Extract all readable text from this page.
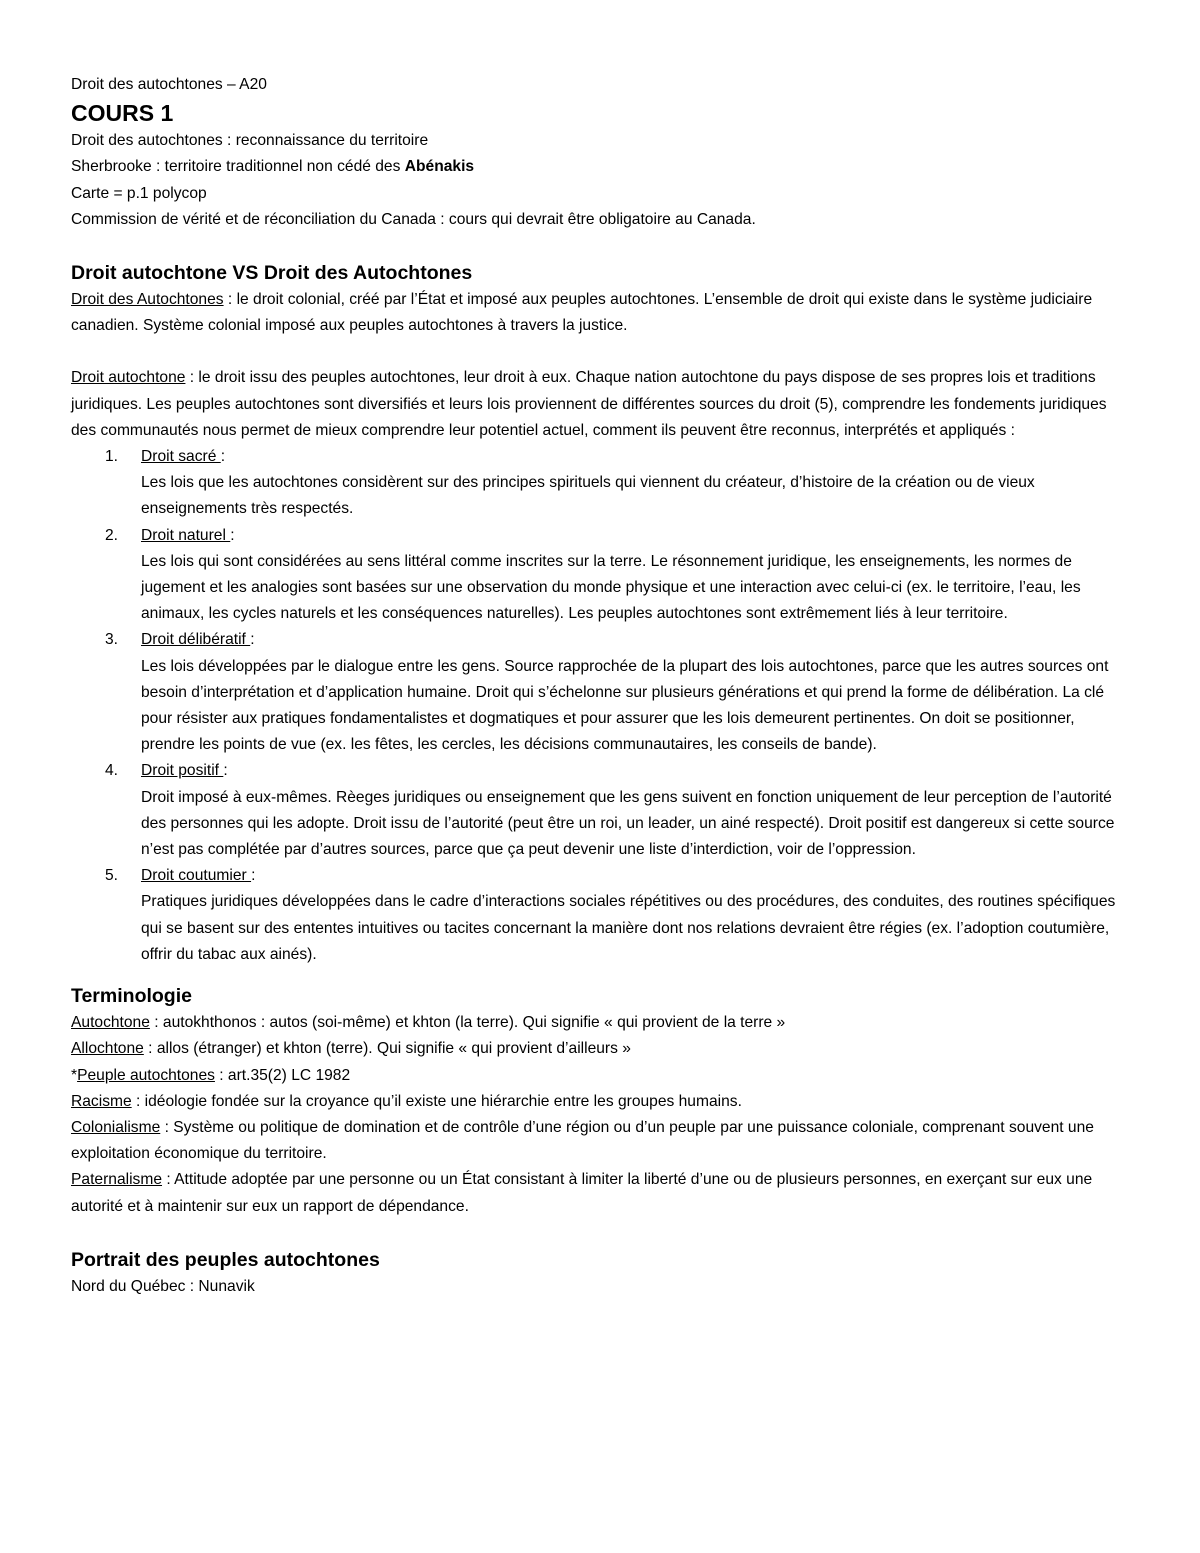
Droit des autochtones – A20

COURS 1

Droit des autochtones : reconnaissance du territoire

Sherbrooke : territoire traditionnel non cédé des Abénakis

Carte = p.1 polycop

Commission de vérité et de réconciliation du Canada : cours qui devrait être obligatoire au Canada.

Droit autochtone VS Droit des Autochtones

Droit des Autochtones : le droit colonial, créé par l’État et imposé aux peuples autochtones. L’ensemble de droit qui existe dans le système judiciaire canadien. Système colonial imposé aux peuples autochtones à travers la justice.

Droit autochtone : le droit issu des peuples autochtones, leur droit à eux. Chaque nation autochtone du pays dispose de ses propres lois et traditions juridiques. Les peuples autochtones sont diversifiés et leurs lois proviennent de différentes sources du droit (5), comprendre les fondements juridiques des communautés nous permet de mieux comprendre leur potentiel actuel, comment ils peuvent être reconnus, interprétés et appliqués :

1. Droit sacré :
Les lois que les autochtones considèrent sur des principes spirituels qui viennent du créateur, d’histoire de la création ou de vieux enseignements très respectés.
2. Droit naturel :
Les lois qui sont considérées au sens littéral comme inscrites sur la terre. Le résonnement juridique, les enseignements, les normes de jugement et les analogies sont basées sur une observation du monde physique et une interaction avec celui-ci (ex. le territoire, l’eau, les animaux, les cycles naturels et les conséquences naturelles). Les peuples autochtones sont extrêmement liés à leur territoire.
3. Droit délibératif :
Les lois développées par le dialogue entre les gens. Source rapprochée de la plupart des lois autochtones, parce que les autres sources ont besoin d’interprétation et d’application humaine. Droit qui s’échelonne sur plusieurs générations et qui prend la forme de délibération. La clé pour résister aux pratiques fondamentalistes et dogmatiques et pour assurer que les lois demeurent pertinentes. On doit se positionner, prendre les points de vue (ex. les fêtes, les cercles, les décisions communautaires, les conseils de bande).
4. Droit positif :
Droit imposé à eux-mêmes. Rèeges juridiques ou enseignement que les gens suivent en fonction uniquement de leur perception de l’autorité des personnes qui les adopte. Droit issu de l’autorité (peut être un roi, un leader, un ainé respecté). Droit positif est dangereux si cette source n’est pas complétée par d’autres sources, parce que ça peut devenir une liste d’interdiction, voir de l’oppression.
5. Droit coutumier :
Pratiques juridiques développées dans le cadre d’interactions sociales répétitives ou des procédures, des conduites, des routines spécifiques qui se basent sur des ententes intuitives ou tacites concernant la manière dont nos relations devraient être régies (ex. l’adoption coutumière, offrir du tabac aux ainés).

Terminologie

Autochtone : autokhthonos : autos (soi-même) et khton (la terre). Qui signifie « qui provient de la terre »

Allochtone : allos (étranger) et khton (terre). Qui signifie « qui provient d’ailleurs »

*Peuple autochtones : art.35(2) LC 1982

Racisme : idéologie fondée sur la croyance qu’il existe une hiérarchie entre les groupes humains.

Colonialisme : Système ou politique de domination et de contrôle d’une région ou d’un peuple par une puissance coloniale, comprenant souvent une exploitation économique du territoire.

Paternalisme : Attitude adoptée par une personne ou un État consistant à limiter la liberté d’une ou de plusieurs personnes, en exerçant sur eux une autorité et à maintenir sur eux un rapport de dépendance.

Portrait des peuples autochtones

Nord du Québec : Nunavik
